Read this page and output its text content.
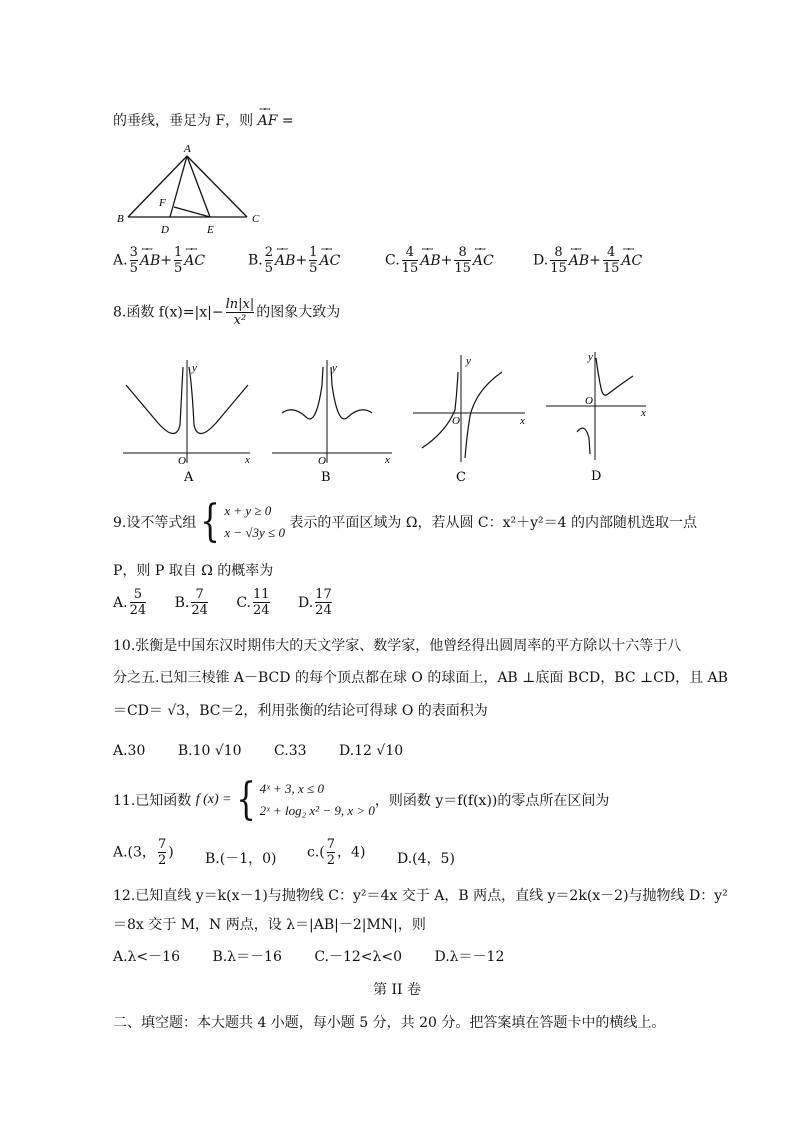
的垂线，垂足为 F，则 ꟷꟷ AF =
A
B	C
D	E
F
A. $\frac{3}{5}$ ꟷꟷ $AB+ \frac{1}{5}$ ꟷꟷ AC	B. $\frac{2}{5}$ ꟷꟷ $AB+ \frac{1}{5}$ ꟷꟷ AC	C. $\frac{4}{15}$ ꟷꟷ $AB+ \frac{8}{15}$ ꟷꟷ AC	D. $\frac{8}{15}$ ꟷꟷ $AB+ \frac{4}{15}$ ꟷꟷ AC
8.函数 $f(x)=|x|- \frac{\ln|x|}{\text{x²}}$ 的图象大致为
y
x
O
A
y
x
O
B
y
x
O
C
y
x
O
D
9.设不等式组{ x + y ≥ 0
x − √3y ≤ 0
表示的平面区域为 Ω，若从圆 C：x²＋y²＝4 的内部随机选取一点
P，则 P 取自 Ω 的概率为
A. $\frac{5}{24} B$. $\frac{7}{24} C$. $\frac{11}{24} D$. $\frac{17}{24}$
10.张衡是中国东汉时期伟大的天文学家、数学家，他曾经得出圆周率的平方除以十六等于八
分之五.已知三棱锥 A－BCD 的每个顶点都在球 O 的球面上，AB ⊥底面 BCD，BC ⊥CD，且 AB
＝CD＝ √3，BC＝2，利用张衡的结论可得球 O 的表面积为
A.30 B.10 √10 C.33 D.12 √10
11.已知函数 f (x) ={ 4ˣ + 3, x ≤ 0
2ˣ + log₂ x² − 9, x > 0
，则函数 y＝f(f(x))的零点所在区间为
A.(3， $\frac{7}{2}$ ) B.(－1，0) $c.( \frac{7}{2}$ ，4) D.(4，5)
12.已知直线 y＝k(x－1)与抛物线 C：y²＝4x 交于 A，B 两点，直线 y＝2k(x－2)与抛物线 D：y²
＝8x 交于 M，N 两点，设 λ＝|AB|－2|MN|，则
A.λ<－16 B.λ＝－16 C.－12<λ<0 D.λ＝－12
第 II 卷
二、填空题：本大题共 4 小题，每小题 5 分，共 20 分。把答案填在答题卡中的横线上。
